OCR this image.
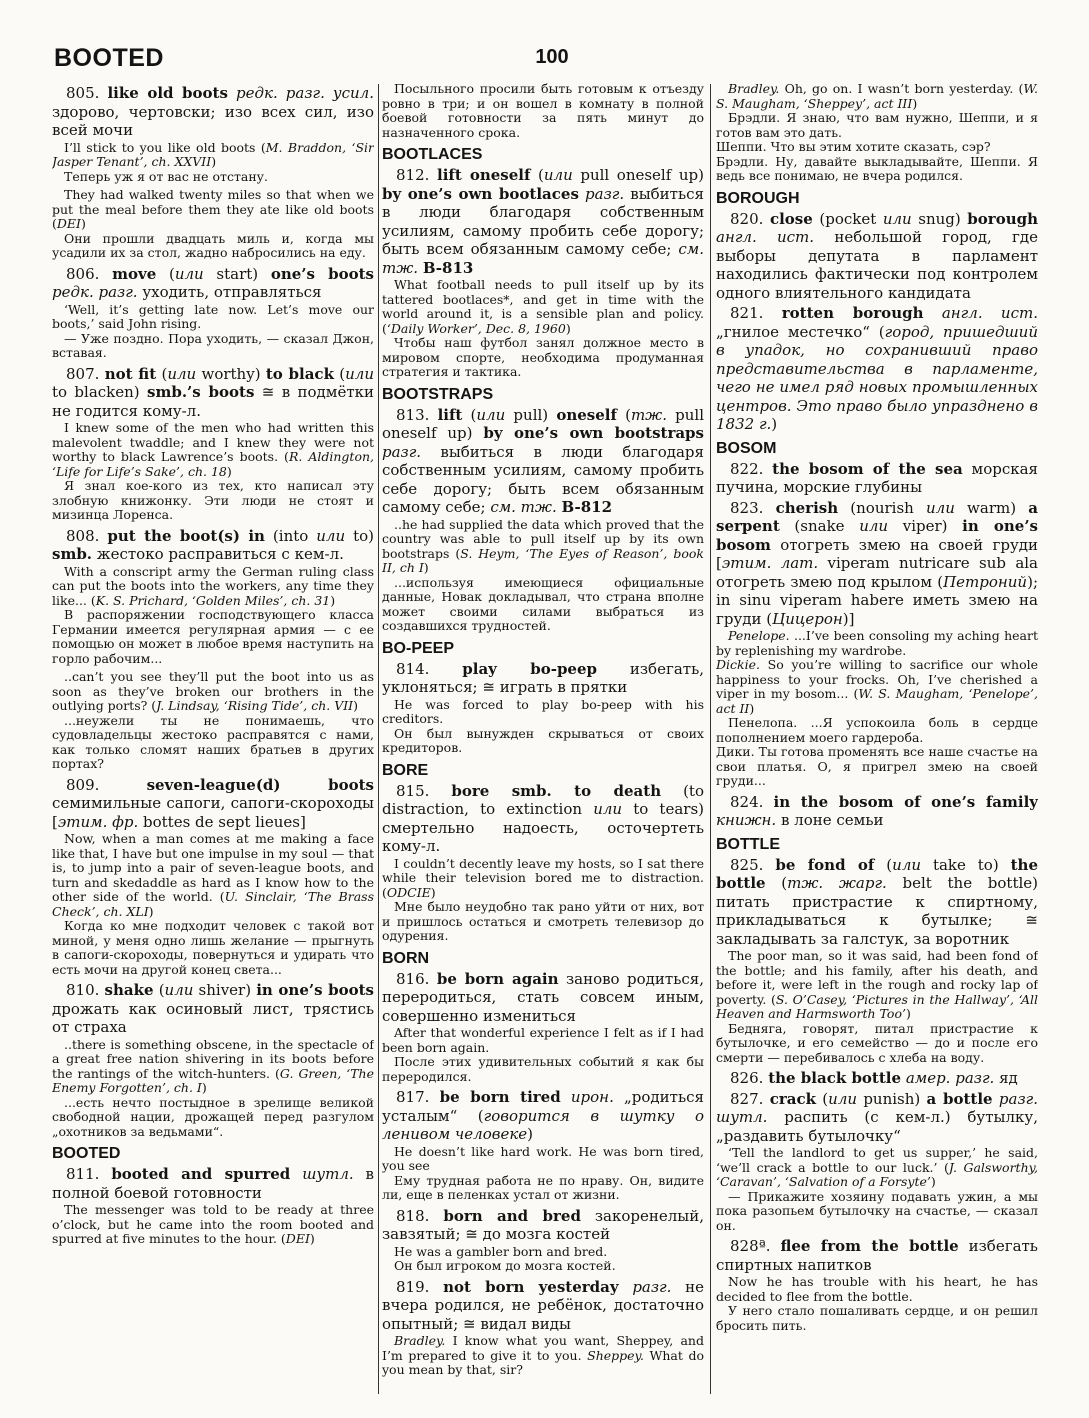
BOOTED	100

805. like old boots редк. разг. усил. здорово, чертовски; изо всех сил, изо всей мочи

I’ll stick to you like old boots (M. Braddon, ‘Sir Jasper Tenant’, ch. XXVII)

Теперь уж я от вас не отстану.

They had walked twenty miles so that when we put the meal before them they ate like old boots (DEI)

Они прошли двадцать миль и, когда мы усадили их за стол, жадно набросились на еду.

806. move (или start) one’s boots редк. разг. уходить, отправляться

‘Well, it’s getting late now. Let’s move our boots,’ said John rising.

— Уже поздно. Пора уходить, — сказал Джон, вставая.

807. not fit (или worthy) to black (или to blacken) smb.’s boots ≅ в подмётки не годится кому-л.

I knew some of the men who had written this malevolent twaddle; and I knew they were not worthy to black Lawrence’s boots. (R. Aldington, ‘Life for Life’s Sake’, ch. 18)

Я знал кое-кого из тех, кто написал эту злобную книжонку. Эти люди не стоят и мизинца Лоренса.

808. put the boot(s) in (into или to) smb. жестоко расправиться с кем-л.

With a conscript army the German ruling class can put the boots into the workers, any time they like... (K. S. Prichard, ‘Golden Miles’, ch. 31)

В распоряжении господствующего класса Германии имеется регулярная армия — с ее помощью он может в любое время наступить на горло рабочим...

..can’t you see they’ll put the boot into us as soon as they’ve broken our brothers in the outlying ports? (J. Lindsay, ‘Rising Tide’, ch. VII)

...неужели ты не понимаешь, что судовладельцы жестоко расправятся с нами, как только сломят наших братьев в других портах?

809.	seven-league(d) boots семимильные сапоги, сапоги-скороходы [этим. фр. bottes de sept lieues]

Now, when a man comes at me making a face like that, I have but one impulse in my soul — that is, to jump into a pair of seven-league boots, and turn and skedaddle as hard as I know how to the other side of the world. (U. Sinclair, ‘The Brass Check’, ch. XLI)

Когда ко мне подходит человек с такой вот миной, у меня одно лишь желание — прыгнуть в сапоги-скороходы, повернуться и удирать что есть мочи на другой конец света...

810. shake (или shiver) in one’s boots дрожать как осиновый лист, трястись от страха

..there is something obscene, in the spectacle of a great free nation shivering in its boots before the rantings of the witch-hunters. (G. Green, ‘The Enemy Forgotten’, ch. I)

...есть нечто постыдное в зрелище великой свободной нации, дрожащей перед разгулом „охотников за ведьмами“.

BOOTED

811. booted and spurred шутл. в полной боевой готовности

The messenger was told to be ready at three o’clock, but he came into the room booted and spurred at five minutes to the hour. (DEI)

Посыльного просили быть готовым к отъезду ровно в три; и он вошел в комнату в полной боевой готовности за пять минут до назначенного срока.

BOOTLACES

812. lift oneself (или pull oneself up) by one’s own bootlaces разг. выбиться в люди благодаря собственным усилиям, самому пробить себе дорогу; быть всем обязанным самому себе; см. тж. B-813

What football needs to pull itself up by its tattered bootlaces*, and get in time with the world around it, is a sensible plan and policy. (‘Daily Worker’, Dec. 8, 1960)

Чтобы наш футбол занял должное место в мировом спорте, необходима продуманная стратегия и тактика.

BOOTSTRAPS

813. lift (или pull) oneself (тж. pull oneself up) by one’s own bootstraps разг. выбиться в люди благодаря собственным усилиям, самому пробить себе дорогу; быть всем обязанным самому себе; см. тж. B-812

..he had supplied the data which proved that the country was able to pull itself up by its own bootstraps (S. Heym, ‘The Eyes of Reason’, book II, ch I)

...используя имеющиеся официальные данные, Новак докладывал, что страна вполне может своими силами выбраться из создавшихся трудностей.

BO-PEEP

814. play bo-peep избегать, уклоняться; ≅ играть в прятки

He was forced to play bo-peep with his creditors.

Он был вынужден скрываться от своих кредиторов.

BORE

815. bore smb. to death (to distraction, to extinction или to tears) смертельно надоесть, осточертеть кому-л.

I couldn’t decently leave my hosts, so I sat there while their television bored me to distraction. (ODCIE)

Мне было неудобно так рано уйти от них, вот и пришлось остаться и смотреть телевизор до одурения.

BORN

816. be born again заново родиться, переродиться, стать совсем иным, совершенно измениться

After that wonderful experience I felt as if I had been born again.

После этих удивительных событий я как бы переродился.

817. be born tired ирон. „родиться усталым“ (говорится в шутку о ленивом человеке)

He doesn’t like hard work. He was born tired, you see

Ему трудная работа не по нраву. Он, видите ли, еще в пеленках устал от жизни.

818. born and bred закоренелый, завзятый; ≅ до мозга костей

He was a gambler born and bred.

Он был игроком до мозга костей.

819. not born yesterday разг. не вчера родился, не ребёнок, достаточно опытный; ≅ видал виды

Bradley. I know what you want, Sheppey, and I’m prepared to give it to you. Sheppey. What do you mean by that, sir?

Bradley. Oh, go on. I wasn’t born yesterday. (W. S. Maugham, ‘Sheppey’, act III)

Брэдли. Я знаю, что вам нужно, Шеппи, и я готов вам это дать.
Шеппи. Что вы этим хотите сказать, сэр?
Брэдли. Ну, давайте выкладывайте, Шеппи. Я ведь все понимаю, не вчера родился.

BOROUGH

820. close (pocket или snug) borough англ. ист. небольшой город, где выборы депутата в парламент находились фактически под контролем одного влиятельного кандидата

821. rotten borough англ. ист. „гнилое местечко“ (город, пришедший в упадок, но сохранивший право представительства в парламенте, чего не имел ряд новых промышленных центров. Это право было упразднено в 1832 г.)

BOSOM

822. the bosom of the sea морская пучина, морские глубины

823. cherish (nourish или warm) a serpent (snake или viper) in one’s bosom отогреть змею на своей груди [этим. лат. viperam nutricare sub ala отогреть змею под крылом (Петроний); in sinu viperam habere иметь змею на груди (Цицерон)]

Penelope. ...I’ve been consoling my aching heart by replenishing my wardrobe.
Dickie. So you’re willing to sacrifice our whole happiness to your frocks. Oh, I’ve cherished a viper in my bosom... (W. S. Maugham, ‘Penelope’, act II)

Пенелопа. ...Я успокоила боль в сердце пополнением моего гардероба.
Дики. Ты готова променять все наше счастье на свои платья. О, я пригрел змею на своей груди...

824. in the bosom of one’s family книжн. в лоне семьи

BOTTLE

825. be fond of (или take to) the bottle (тж. жарг. belt the bottle) питать пристрастие к спиртному, прикладываться к бутылке; ≅ закладывать за галстук, за воротник

The poor man, so it was said, had been fond of the bottle; and his family, after his death, and before it, were left in the rough and rocky lap of poverty. (S. O’Casey, ‘Pictures in the Hallway’, ‘All Heaven and Harmsworth Too’)

Бедняга, говорят, питал пристрастие к бутылочке, и его семейство — до и после его смерти — перебивалось с хлеба на воду.

826. the black bottle амер. разг. яд

827. crack (или punish) a bottle разг. шутл. распить (с кем-л.) бутылку, „раздавить бутылочку“

‘Tell the landlord to get us supper,’ he said, ‘we’ll crack a bottle to our luck.’ (J. Galsworthy, ‘Caravan’, ‘Salvation of a Forsyte’)

— Прикажите хозяину подавать ужин, а мы пока разопьем бутылочку на счастье, — сказал он.

828ª. flee from the bottle избегать спиртных напитков

Now he has trouble with his heart, he has decided to flee from the bottle.

У него стало пошаливать сердце, и он решил бросить пить.
